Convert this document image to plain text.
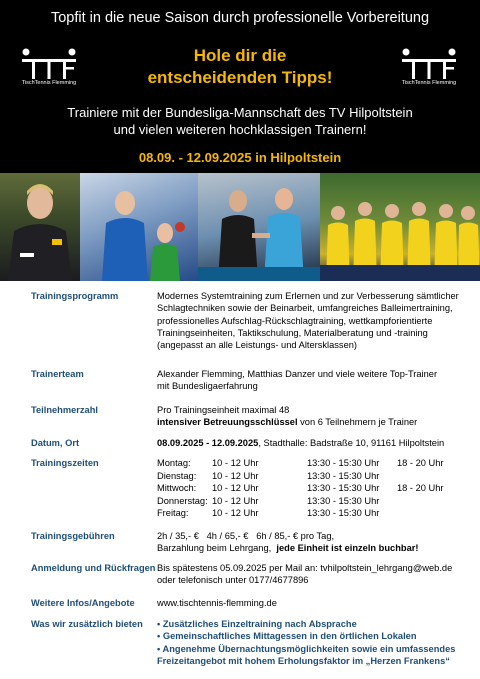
Topfit in die neue Saison durch professionelle Vorbereitung
TischTennis Flemming	TischTennis Flemming
Hole dir die
entscheidenden Tipps!
Trainiere mit der Bundesliga-Mannschaft des TV Hilpoltstein
und vielen weiteren hochklassigen Trainern!
08.09. - 12.09.2025 in Hilpoltstein
Trainingsprogramm	Modernes Systemtraining zum Erlernen und zur Verbesserung sämtlicher
Schlagtechniken sowie der Beinarbeit, umfangreiches Balleimertraining,
professionelles Aufschlag-Rückschlagtraining, wettkampforientierte
Trainingseinheiten, Taktikschulung, Materialberatung und -training
(angepasst an alle Leistungs- und Altersklassen)
Trainerteam	Alexander Flemming, Matthias Danzer und viele weitere Top-Trainer
mit Bundesligaerfahrung
Teilnehmerzahl	Pro Trainingseinheit maximal 48
intensiver Betreuungsschlüssel von 6 Teilnehmern je Trainer
Datum, Ort	08.09.2025 - 12.09.2025, Stadthalle: Badstraße 10, 91161 Hilpoltstein
Trainingszeiten	Montag: 10 - 12 Uhr	13:30 - 15:30 Uhr 18 - 20 Uhr
Dienstag: 10 - 12 Uhr	13:30 - 15:30 Uhr
Mittwoch: 10 - 12 Uhr	13:30 - 15:30 Uhr 18 - 20 Uhr
Donnerstag: 10 - 12 Uhr	13:30 - 15:30 Uhr
Freitag:	10 - 12 Uhr	13:30 - 15:30 Uhr
Trainingsgebühren	2h / 35,- €   4h / 65,- €   6h / 85,- € pro Tag,
Barzahlung beim Lehrgang,  jede Einheit ist einzeln buchbar!
Anmeldung und Rückfragen Bis spätestens 05.09.2025 per Mail an: tvhilpoltstein_lehrgang@web.de
oder telefonisch unter 0177/4677896
Weitere Infos/Angebote www.tischtennis-flemming.de
Was wir zusätzlich bieten • Zusätzliches Einzeltraining nach Absprache
• Gemeinschaftliches Mittagessen in den örtlichen Lokalen
• Angenehme Übernachtungsmöglichkeiten sowie ein umfassendes
Freizeitangebot mit hohem Erholungsfaktor im „Herzen Frankens“
